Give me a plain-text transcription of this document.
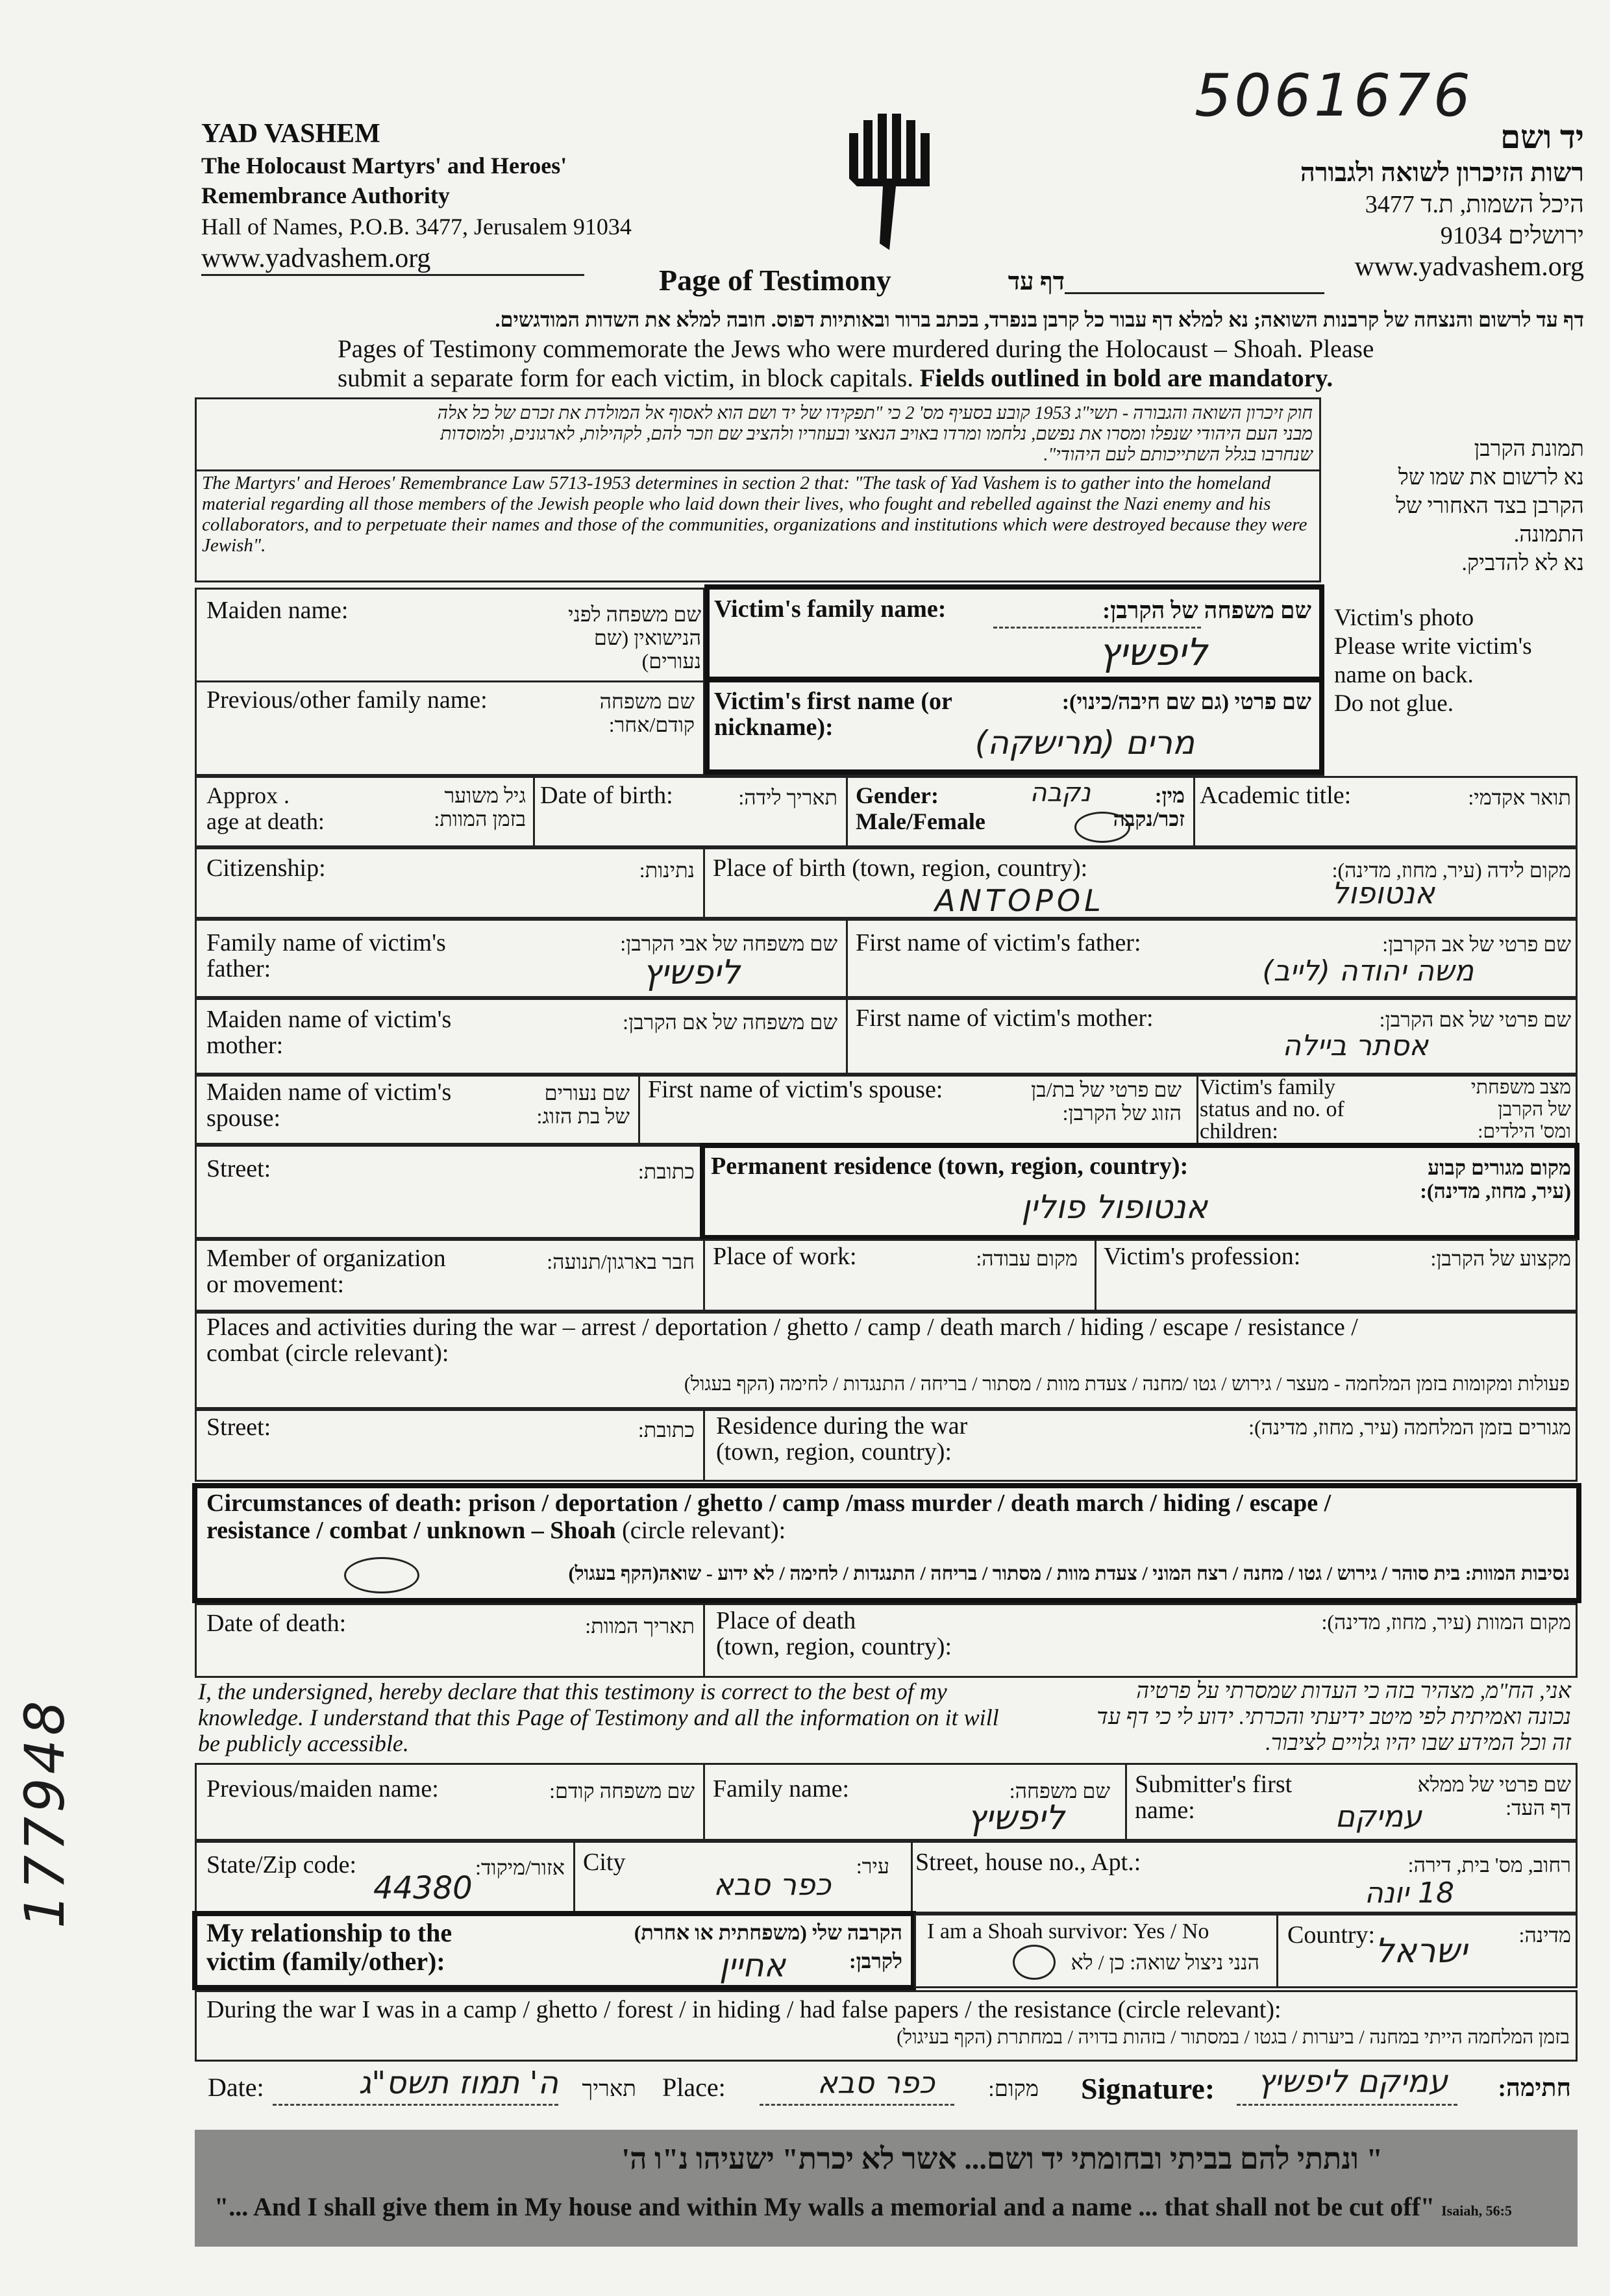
5061676
177948
YAD VASHEM
The Holocaust Martyrs' and Heroes'
Remembrance Authority
Hall of Names, P.O.B. 3477, Jerusalem 91034
www.yadvashem.org
יד ושם
רשות הזיכרון לשואה ולגבורה
היכל השמות, ת.ד 3477
ירושלים 91034
www.yadvashem.org
Page of Testimony	דף עד
דף עד לרשום והנצחה של קרבנות השואה; נא למלא דף עבור כל קרבן בנפרד, בכתב ברור ובאותיות דפוס. חובה למלא את השדות המודגשים.
Pages of Testimony commemorate the Jews who were murdered during the Holocaust – Shoah. Please
submit a separate form for each victim, in block capitals. Fields outlined in bold are mandatory.
חוק זיכרון השואה והגבורה - תשי"ג 1953 קובע בסעיף מס' 2 כי "תפקידו של יד ושם הוא לאסוף אל המולדת את זכרם של כל אלה
מבני העם היהודי שנפלו ומסרו את נפשם, נלחמו ומרדו באויב הנאצי ובעוזריו ולהציב שם וזכר להם, לקהילות, לארגונים, ולמוסדות
שנחרבו בגלל השתייכותם לעם היהודי".
The Martyrs' and Heroes' Remembrance Law 5713-1953 determines in section 2 that: "The task of Yad Vashem is to gather into the homeland material regarding all those members of the Jewish people who laid down their lives, who fought and rebelled against the Nazi enemy and his collaborators, and to perpetuate their names and those of the communities, organizations and institutions which were destroyed because they were Jewish".
תמונת הקרבן
נא לרשום את שמו של
הקרבן בצד האחורי של
התמונה.
נא לא להדביק.
Victim's photo
Please write victim's
name on back.
Do not glue.
Maiden name:	שם משפחה לפני הנישואין (שם נעורים)
Previous/other family name:	שם משפחה קודם/אחר:
Victim's family name:	שם משפחה של הקרבן:
ליפשיץ
Victim's first name (or nickname):
שם פרטי (גם שם חיבה/כינוי):
מרים (מרישקה)
Approx .
age at death:
גיל משוער
בזמן המוות:
Date of birth:	תאריך לידה: Gender:
Male/Female
מין:
זכר/נקבה
נקבה	Academic title:	תואר אקדמי:
Citizenship:	נתינות: Place of birth (town, region, country):	מקום לידה (עיר, מחוז, מדינה):
ANTOPOL	אנטופול
Family name of victim's
father:
שם משפחה של אבי הקרבן:
ליפשיץ
First name of victim's father:	שם פרטי של אב הקרבן:
משה יהודה (לייב)
Maiden name of victim's
mother:
שם משפחה של אם הקרבן: First name of victim's mother:	שם פרטי של אם הקרבן:
אסתר ביילה
Maiden name of victim's
spouse:
שם נעורים
של בת הזוג:
First name of victim's spouse:	שם פרטי של בת/בן
הזוג של הקרבן:
Victim's family
status and no. of
children:
מצב משפחתי
של הקרבן
ומס' הילדים:
Street:	כתובת: Permanent residence (town, region, country):	מקום מגורים קבוע
(עיר, מחוז, מדינה):
אנטופול פולין
Member of organization
or movement:
חבר בארגון/תנועה: Place of work:	מקום עבודה: Victim's profession:	מקצוע של הקרבן:
Places and activities during the war – arrest / deportation / ghetto / camp / death march / hiding / escape / resistance /
combat (circle relevant):
פעולות ומקומות בזמן המלחמה - מעצר / גירוש / גטו /מחנה / צעדת מוות / מסתור / בריחה / התנגדות / לחימה (הקף בעגול)
Street:	כתובת: Residence during the war
(town, region, country):
מגורים בזמן המלחמה (עיר, מחוז, מדינה):
Circumstances of death: prison / deportation / ghetto / camp /mass murder / death march / hiding / escape /
resistance / combat / unknown – Shoah (circle relevant):
נסיבות המוות: בית סוהר / גירוש / גטו / מחנה / רצח המוני / צעדת מוות / מסתור / בריחה / התנגדות / לחימה / לא ידוע - שואה(הקף בעגול)
Date of death:	תאריך המוות: Place of death
(town, region, country):
מקום המוות (עיר, מחוז, מדינה):
I, the undersigned, hereby declare that this testimony is correct to the best of my knowledge. I understand that this Page of Testimony and all the information on it will be publicly accessible.
אני, הח"מ, מצהיר בזה כי העדות שמסרתי על פרטיה
נכונה ואמיתית לפי מיטב ידיעתי והכרתי. ידוע לי כי דף עד
זה וכל המידע שבו יהיו גלויים לציבור.
Previous/maiden name:	שם משפחה קודם: Family name:	שם משפחה:
ליפשיץ
Submitter's first
name:
שם פרטי של ממלא
דף העד:
עמיקם
State/Zip code:	אזור/מיקוד:
44380
City	עיר:
כפר סבא
Street, house no., Apt.:	רחוב, מס' בית, דירה:
18 יונה
My relationship to the
victim (family/other):
הקרבה שלי (משפחתית או אחרת)
לקרבן:
אחיין
I am a Shoah survivor: Yes / No
הנני ניצול שואה: כן / לא
Country:	מדינה:
ישראל
During the war I was in a camp / ghetto / forest / in hiding / had false papers / the resistance (circle relevant):
בזמן המלחמה הייתי במחנה / ביערות / בגטו / במסתור / בזהות בדויה / במחתרת (הקף בעיגול)
Date:	ה' תמוז תשס"ג	תאריך Place:	כפר סבא	מקום: Signature: עמיקם ליפשיץ	חתימה:
" ונתתי להם בביתי ובחומתי יד ושם... אשר לא יכרת" ישעיהו נ"ו ה'
"... And I shall give them in My house and within My walls a memorial and a name ... that shall not be cut off" Isaiah, 56:5
